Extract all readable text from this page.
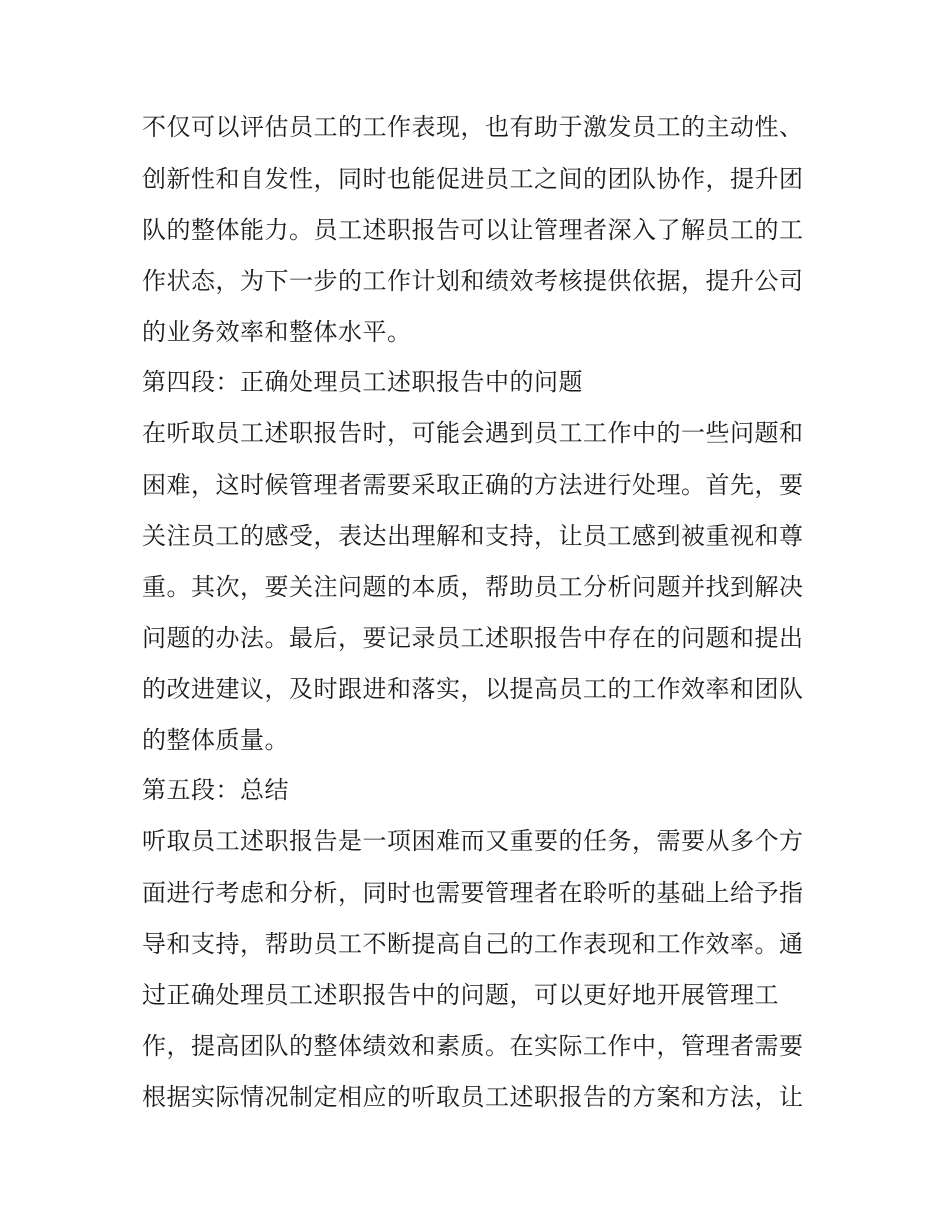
不仅可以评估员工的工作表现，也有助于激发员工的主动性、
创新性和自发性，同时也能促进员工之间的团队协作，提升团
队的整体能力。员工述职报告可以让管理者深入了解员工的工
作状态，为下一步的工作计划和绩效考核提供依据，提升公司
的业务效率和整体水平。
第四段：正确处理员工述职报告中的问题
在听取员工述职报告时，可能会遇到员工工作中的一些问题和
困难，这时候管理者需要采取正确的方法进行处理。首先，要
关注员工的感受，表达出理解和支持，让员工感到被重视和尊
重。其次，要关注问题的本质，帮助员工分析问题并找到解决
问题的办法。最后，要记录员工述职报告中存在的问题和提出
的改进建议，及时跟进和落实，以提高员工的工作效率和团队
的整体质量。
第五段：总结
听取员工述职报告是一项困难而又重要的任务，需要从多个方
面进行考虑和分析，同时也需要管理者在聆听的基础上给予指
导和支持，帮助员工不断提高自己的工作表现和工作效率。通
过正确处理员工述职报告中的问题，可以更好地开展管理工
作，提高团队的整体绩效和素质。在实际工作中，管理者需要
根据实际情况制定相应的听取员工述职报告的方案和方法，让
